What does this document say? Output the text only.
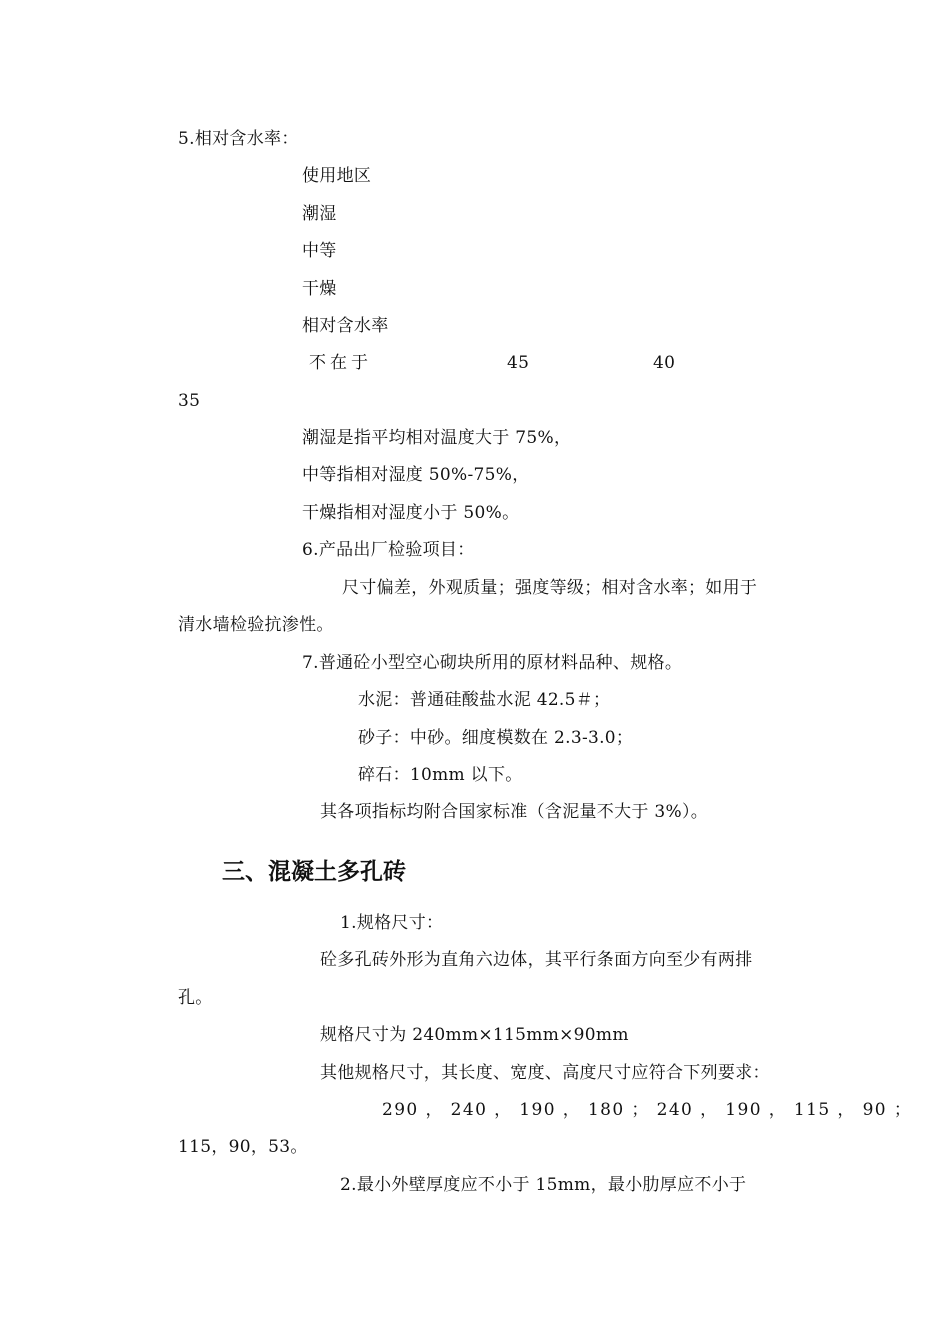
5.相对含水率：
使用地区
潮湿
中等
干燥
相对含水率
不在于	45	40
35
潮湿是指平均相对温度大于 75%，
中等指相对湿度 50%-75%，
干燥指相对湿度小于 50%。
6.产品出厂检验项目：
尺寸偏差，外观质量；强度等级；相对含水率；如用于
清水墙检验抗渗性。
7.普通砼小型空心砌块所用的原材料品种、规格。
水泥：普通硅酸盐水泥 42.5＃；
砂子：中砂。细度模数在 2.3-3.0；
碎石：10mm 以下。
其各项指标均附合国家标准（含泥量不大于 3%）。
三、混凝土多孔砖
1.规格尺寸：
砼多孔砖外形为直角六边体，其平行条面方向至少有两排
孔。
规格尺寸为 240mm×115mm×90mm
其他规格尺寸，其长度、宽度、高度尺寸应符合下列要求：
290 ， 240 ， 190 ， 180 ； 240 ， 190 ， 115 ， 90 ；
115，90，53。
2.最小外壁厚度应不小于 15mm，最小肋厚应不小于
